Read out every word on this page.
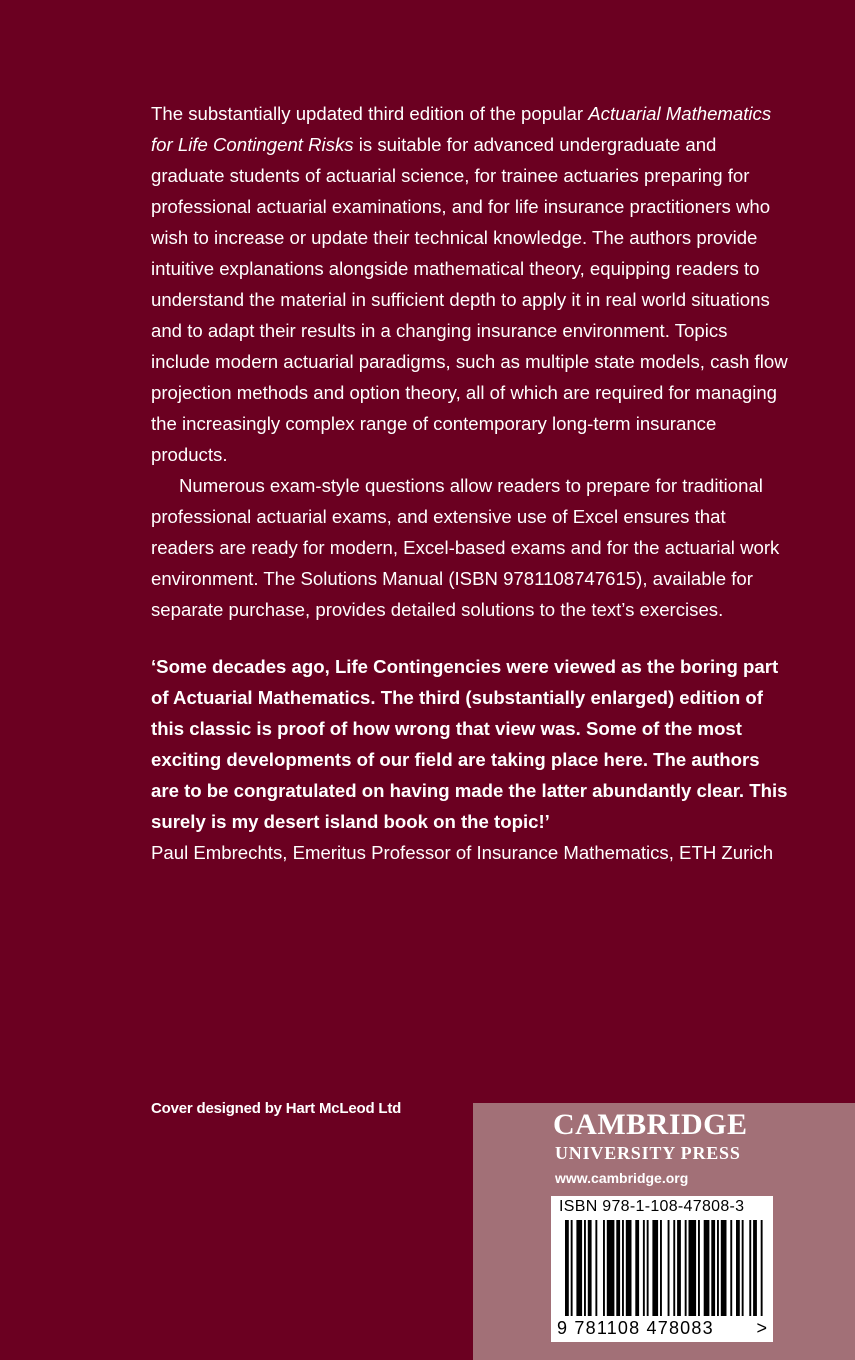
The substantially updated third edition of the popular Actuarial Mathematics for Life Contingent Risks is suitable for advanced undergraduate and graduate students of actuarial science, for trainee actuaries preparing for professional actuarial examinations, and for life insurance practitioners who wish to increase or update their technical knowledge. The authors provide intuitive explanations alongside mathematical theory, equipping readers to understand the material in sufficient depth to apply it in real world situations and to adapt their results in a changing insurance environment. Topics include modern actuarial paradigms, such as multiple state models, cash flow projection methods and option theory, all of which are required for managing the increasingly complex range of contemporary long-term insurance products.

Numerous exam-style questions allow readers to prepare for traditional professional actuarial exams, and extensive use of Excel ensures that readers are ready for modern, Excel-based exams and for the actuarial work environment. The Solutions Manual (ISBN 9781108747615), available for separate purchase, provides detailed solutions to the text’s exercises.

‘Some decades ago, Life Contingencies were viewed as the boring part of Actuarial Mathematics. The third (substantially enlarged) edition of this classic is proof of how wrong that view was. Some of the most exciting developments of our field are taking place here. The authors are to be congratulated on having made the latter abundantly clear. This surely is my desert island book on the topic!’

Paul Embrechts, Emeritus Professor of Insurance Mathematics, ETH Zurich

Cover designed by Hart McLeod Ltd	CAMBRIDGE
UNIVERSITY PRESS
www.cambridge.org
ISBN 978-1-108-47808-3
9 781108 478083 >
